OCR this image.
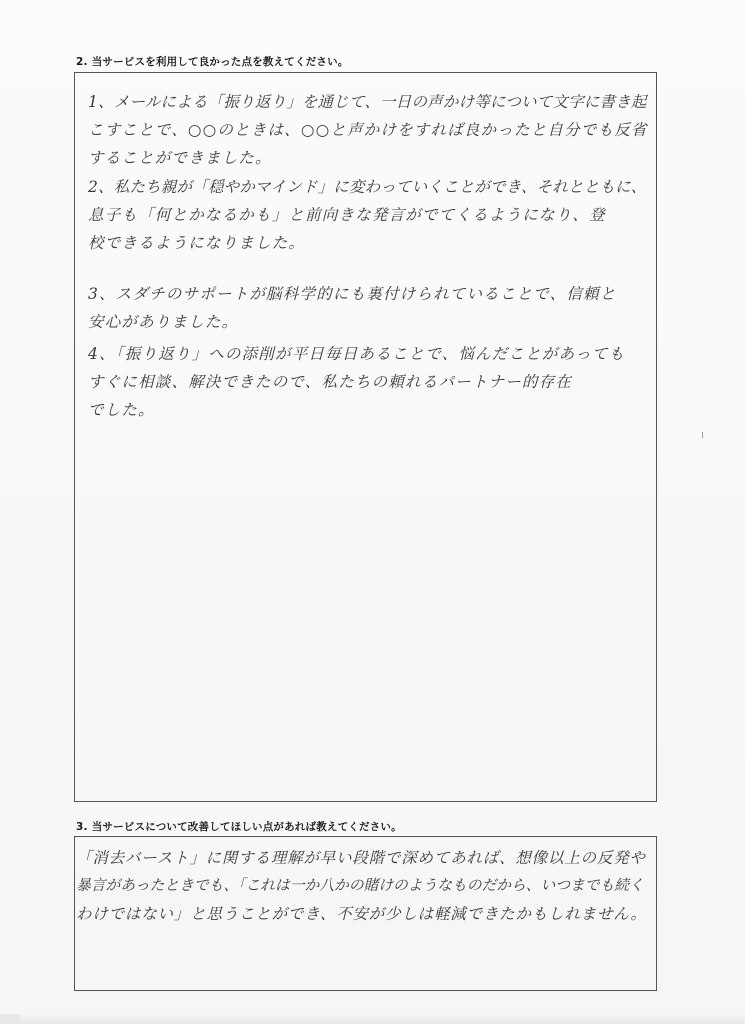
2. 当サービスを利用して良かった点を教えてください。
1、メールによる「振り返り」を通じて、一日の声かけ等について文字に書き起
こすことで、○○のときは、○○と声かけをすれば良かったと自分でも反省
することができました。
2、私たち親が「穏やかマインド」に変わっていくことができ、それとともに、
息子も「何とかなるかも」と前向きな発言がでてくるようになり、登
校できるようになりました。
3、スダチのサポートが脳科学的にも裏付けられていることで、信頼と
安心がありました。
4、「振り返り」への添削が平日毎日あることで、悩んだことがあっても
すぐに相談、解決できたので、私たちの頼れるパートナー的存在
でした。
3. 当サービスについて改善してほしい点があれば教えてください。
「消去バースト」に関する理解が早い段階で深めてあれば、想像以上の反発や
暴言があったときでも、「これは一か八かの賭けのようなものだから、いつまでも続く
わけではない」と思うことができ、不安が少しは軽減できたかもしれません。
